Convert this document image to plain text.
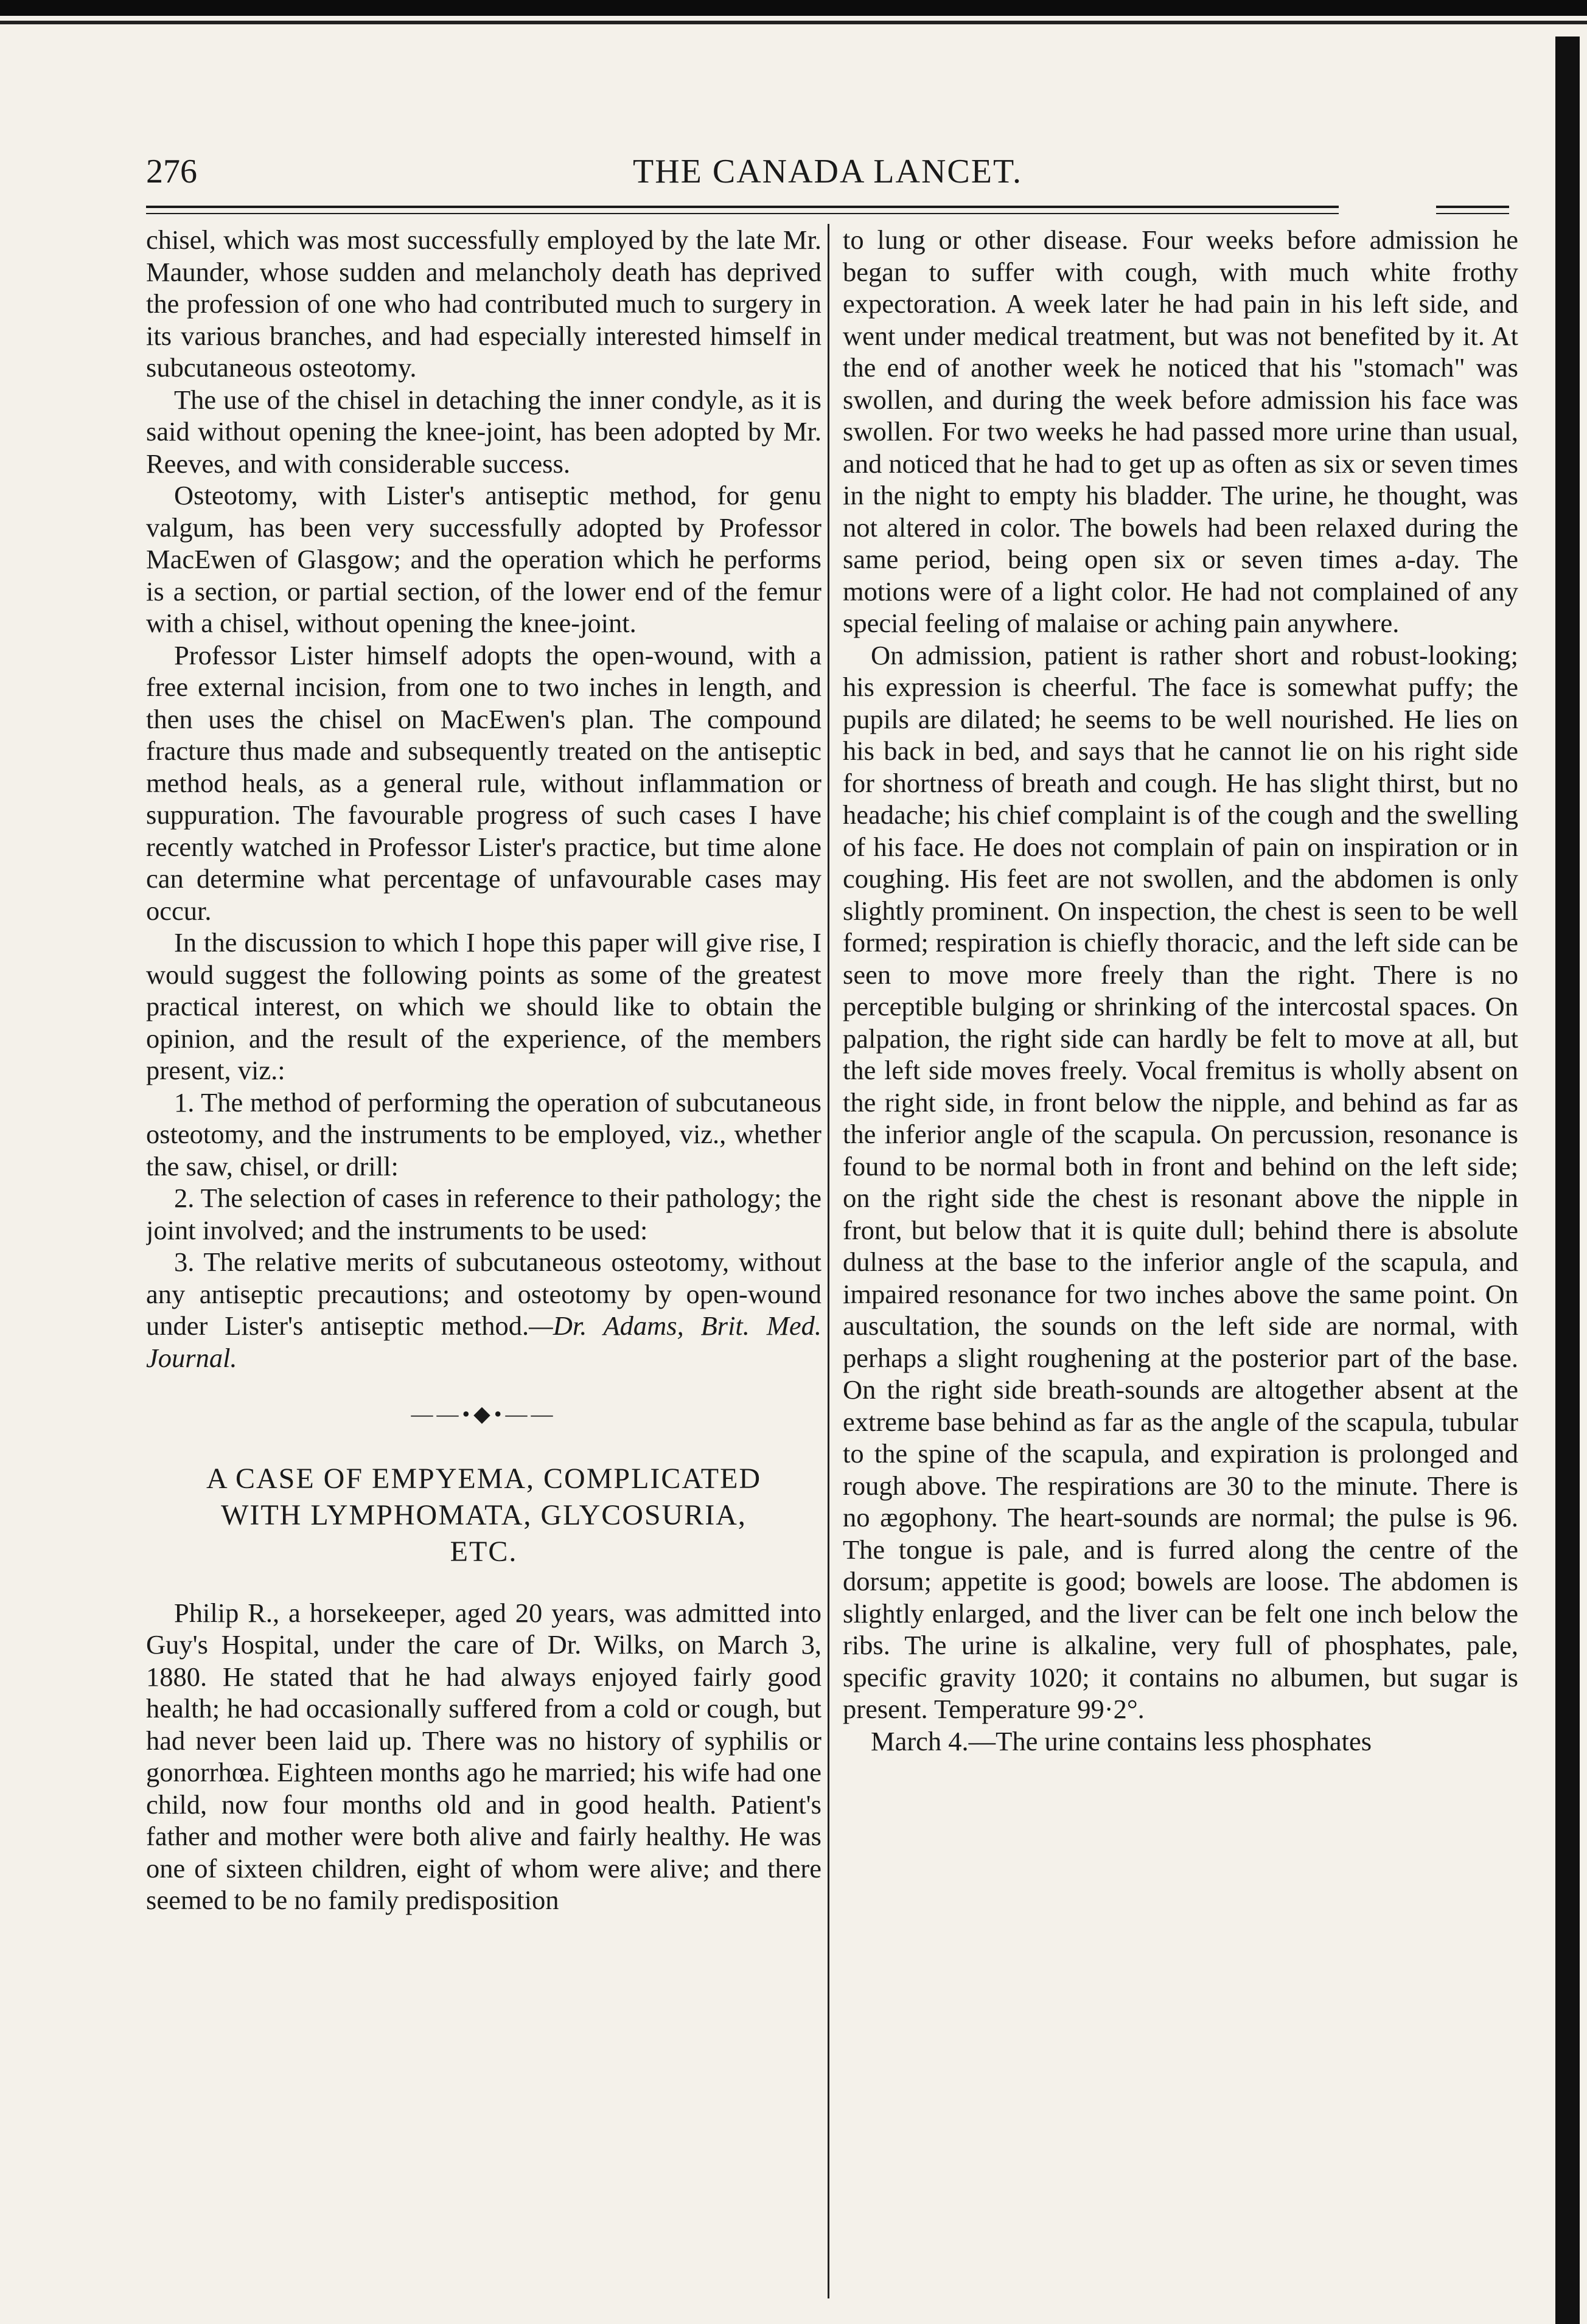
276	THE CANADA LANCET.

chisel, which was most successfully employed by the late Mr. Maunder, whose sudden and melancholy death has deprived the profession of one who had contributed much to surgery in its various branches, and had especially interested himself in subcutaneous osteotomy.

The use of the chisel in detaching the inner condyle, as it is said without opening the knee-joint, has been adopted by Mr. Reeves, and with considerable success.

Osteotomy, with Lister's antiseptic method, for genu valgum, has been very successfully adopted by Professor MacEwen of Glasgow; and the operation which he performs is a section, or partial section, of the lower end of the femur with a chisel, without opening the knee-joint.

Professor Lister himself adopts the open-wound, with a free external incision, from one to two inches in length, and then uses the chisel on MacEwen's plan. The compound fracture thus made and subsequently treated on the antiseptic method heals, as a general rule, without inflammation or suppuration. The favourable progress of such cases I have recently watched in Professor Lister's practice, but time alone can determine what percentage of unfavourable cases may occur.

In the discussion to which I hope this paper will give rise, I would suggest the following points as some of the greatest practical interest, on which we should like to obtain the opinion, and the result of the experience, of the members present, viz.:

1. The method of performing the operation of subcutaneous osteotomy, and the instruments to be employed, viz., whether the saw, chisel, or drill:

2. The selection of cases in reference to their pathology; the joint involved; and the instruments to be used:

3. The relative merits of subcutaneous osteotomy, without any antiseptic precautions; and osteotomy by open-wound under Lister's antiseptic method.—Dr. Adams, Brit. Med. Journal.

——•◆•——
A CASE OF EMPYEMA, COMPLICATED
WITH LYMPHOMATA, GLYCOSURIA,
ETC.

Philip R., a horsekeeper, aged 20 years, was admitted into Guy's Hospital, under the care of Dr. Wilks, on March 3, 1880. He stated that he had always enjoyed fairly good health; he had occasionally suffered from a cold or cough, but had never been laid up. There was no history of syphilis or gonorrhœa. Eighteen months ago he married; his wife had one child, now four months old and in good health. Patient's father and mother were both alive and fairly healthy. He was one of sixteen children, eight of whom were alive; and there seemed to be no family predisposition

to lung or other disease. Four weeks before admission he began to suffer with cough, with much white frothy expectoration. A week later he had pain in his left side, and went under medical treatment, but was not benefited by it. At the end of another week he noticed that his "stomach" was swollen, and during the week before admission his face was swollen. For two weeks he had passed more urine than usual, and noticed that he had to get up as often as six or seven times in the night to empty his bladder. The urine, he thought, was not altered in color. The bowels had been relaxed during the same period, being open six or seven times a-day. The motions were of a light color. He had not complained of any special feeling of malaise or aching pain anywhere.

On admission, patient is rather short and robust-looking; his expression is cheerful. The face is somewhat puffy; the pupils are dilated; he seems to be well nourished. He lies on his back in bed, and says that he cannot lie on his right side for shortness of breath and cough. He has slight thirst, but no headache; his chief complaint is of the cough and the swelling of his face. He does not complain of pain on inspiration or in coughing. His feet are not swollen, and the abdomen is only slightly prominent. On inspection, the chest is seen to be well formed; respiration is chiefly thoracic, and the left side can be seen to move more freely than the right. There is no perceptible bulging or shrinking of the intercostal spaces. On palpation, the right side can hardly be felt to move at all, but the left side moves freely. Vocal fremitus is wholly absent on the right side, in front below the nipple, and behind as far as the inferior angle of the scapula. On percussion, resonance is found to be normal both in front and behind on the left side; on the right side the chest is resonant above the nipple in front, but below that it is quite dull; behind there is absolute dulness at the base to the inferior angle of the scapula, and impaired resonance for two inches above the same point. On auscultation, the sounds on the left side are normal, with perhaps a slight roughening at the posterior part of the base. On the right side breath-sounds are altogether absent at the extreme base behind as far as the angle of the scapula, tubular to the spine of the scapula, and expiration is prolonged and rough above. The respirations are 30 to the minute. There is no ægophony. The heart-sounds are normal; the pulse is 96. The tongue is pale, and is furred along the centre of the dorsum; appetite is good; bowels are loose. The abdomen is slightly enlarged, and the liver can be felt one inch below the ribs. The urine is alkaline, very full of phosphates, pale, specific gravity 1020; it contains no albumen, but sugar is present. Temperature 99·2°.

March 4.—The urine contains less phosphates
